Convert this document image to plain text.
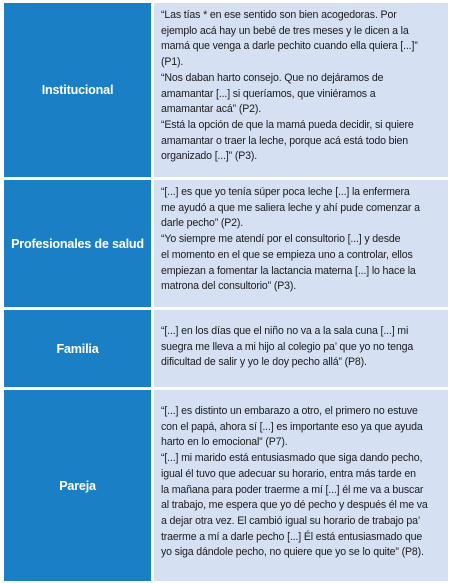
Institucional

“Las tías * en ese sentido son bien acogedoras. Por
ejemplo acá hay un bebé de tres meses y le dicen a la
mamá que venga a darle pechito cuando ella quiera [...]”
(P1).

“Nos daban harto consejo. Que no dejáramos de
amamantar [...] si queríamos, que viniéramos a
amamantar acá” (P2).

“Está la opción de que la mamá pueda decidir, si quiere
amamantar o traer la leche, porque acá está todo bien
organizado [...]” (P3).

Profesionales de salud

“[...] es que yo tenía súper poca leche [...] la enfermera
me ayudó a que me saliera leche y ahí pude comenzar a
darle pecho” (P2).

“Yo siempre me atendí por el consultorio [...] y desde
el momento en el que se empieza uno a controlar, ellos
empiezan a fomentar la lactancia materna [...] lo hace la
matrona del consultorio” (P3).

Familia

“[...] en los días que el niño no va a la sala cuna [...] mi
suegra me lleva a mi hijo al colegio pa’ que yo no tenga
dificultad de salir y yo le doy pecho allá” (P8).

Pareja

“[...] es distinto un embarazo a otro, el primero no estuve
con el papá, ahora sí [...] es importante eso ya que ayuda
harto en lo emocional” (P7).

“[...] mi marido está entusiasmado que siga dando pecho,
igual él tuvo que adecuar su horario, entra más tarde en
la mañana para poder traerme a mí [...] él me va a buscar
al trabajo, me espera que yo dé pecho y después él me va
a dejar otra vez. El cambió igual su horario de trabajo pa’
traerme a mí a darle pecho [...] Él está entusiasmado que
yo siga dándole pecho, no quiere que yo se lo quite” (P8).
